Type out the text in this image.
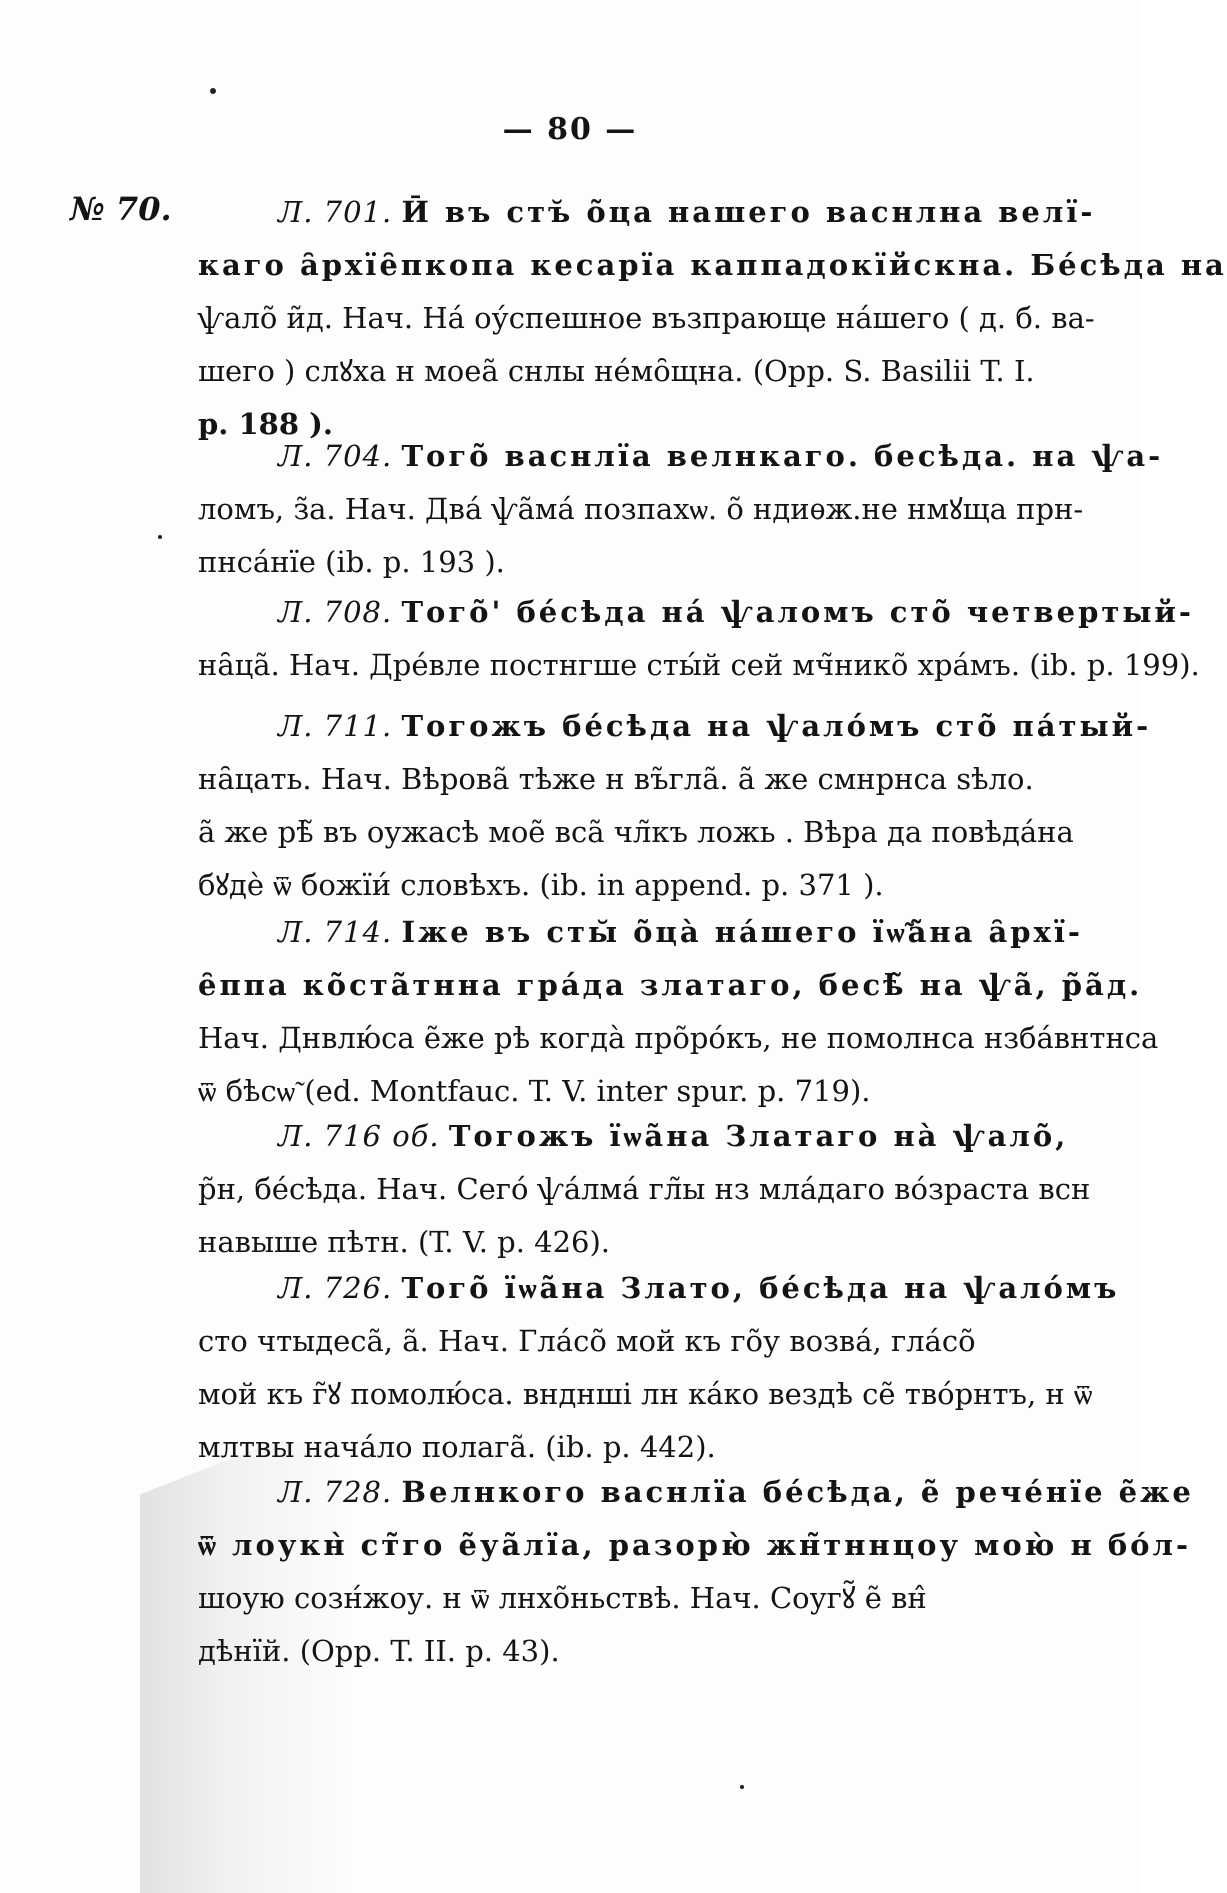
— 80 —
№ 70.	Л. 701. Ӣ въ стъ̆ о̃ца нашего васнлна велї-
каго а̑рхїе̑пкопа кесарїа каппадокїйскна. Бе́сѣда на
ѱало̃ и̃д. Нач. На́ оу́спешное възпрающе на́шего ( д. б. ва-
шего ) слꙋха н моеа̃ снлы не́мо̑щна. (Opp. S. Basilii T. I.
p. 188 ).
Л. 704. Того̃ васнлїа велнкаго. бесѣда. на ѱа-
ломъ, з̃а. Нач. Два́ ѱа̃ма́ позпахѡ. о̃ ндиѳж.не нмꙋща прн-
пнса́нїе (ib. p. 193 ).
Л. 708. Того̃' бе́сѣда на́ ѱаломъ сто̃ четвертый-
на̑ца̃. Нач. Дре́вле постнгше сты́й сей мч̃нико̃ хра́мъ. (ib. p. 199).
Л. 711. Тогожъ бе́сѣда на ѱало́мъ сто̃ па́тый-
на̑цать. Нач. Вѣрова̃ тѣже н въ̃гла̃. а̃ же смнрнса ѕѣло.
а̃ же рѣ̃ въ оужасѣ мое̃ вса̃ чл̃къ ложь . Вѣра да повѣда́на
бꙋдѐ ѿ божїи́ словѣхъ. (ib. in append. p. 371 ).
Л. 714. Іже въ сты̆ о̃ца̀ на́шего їѡ̃а̃на а̑рхї-
е̑ппа ко̃ста̃тнна гра́да златаго, бесѣ̃ на ѱа̃, р̃а̃д.
Нач. Днвлю́са е̃же рѣ когда̀ про̃ро́къ, не помолнса нзба́внтнса
ѿ бѣсѡ̃ (ed. Montfauc. T. V. inter spur. p. 719).
Л. 716 об. Тогожъ їѡа̃на Златаго на̀ ѱало̃,
р̃н, бе́сѣда. Нач. Сего́ ѱа́лма́ гл̃ы нз мла́даго во́зраста всн
навыше пѣтн. (T. V. p. 426).
Л. 726. Того̃ їѡа̃на Злато, бе́сѣда на ѱало́мъ
сто чтыдеса̃, а̃. Нач. Гла́со̃ мой къ го̃у возва́, гла́со̃
мой къ г̃ꙋ помолю́са. внднші лн ка́ко вездѣ се̃ тво́рнтъ, н ѿ
млтвы нача́ло полага̃. (ib. p. 442).
Л. 728. Велнкого васнлїа бе́сѣда, е̃ рече́нїе е̃же
ѿ лоукн̀ ст̃го е̃уа̃лїа, разорю̀ жн̃тннцоу мою̀ н бо́л-
шоую созн́жоу. н ѿ лнхо̃ньствѣ. Нач. Соугꙋ̃ е̃ вн̂
дѣнїй. (Opp. T. II. p. 43).
